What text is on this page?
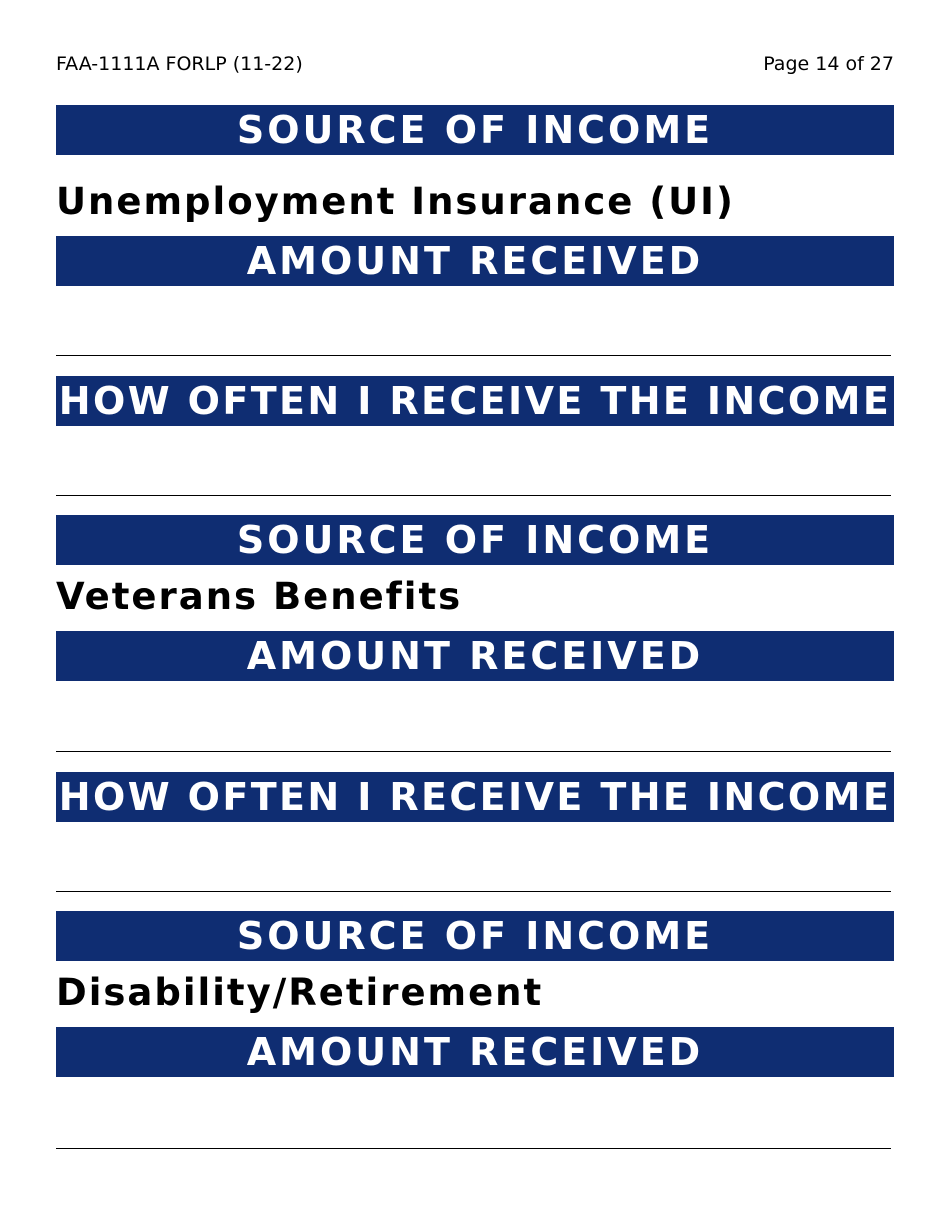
FAA-1111A FORLP (11-22)	Page 14 of 27
SOURCE OF INCOME
Unemployment Insurance (UI)
AMOUNT RECEIVED
HOW OFTEN I RECEIVE THE INCOME
SOURCE OF INCOME
Veterans Benefits
AMOUNT RECEIVED
HOW OFTEN I RECEIVE THE INCOME
SOURCE OF INCOME
Disability/Retirement
AMOUNT RECEIVED
